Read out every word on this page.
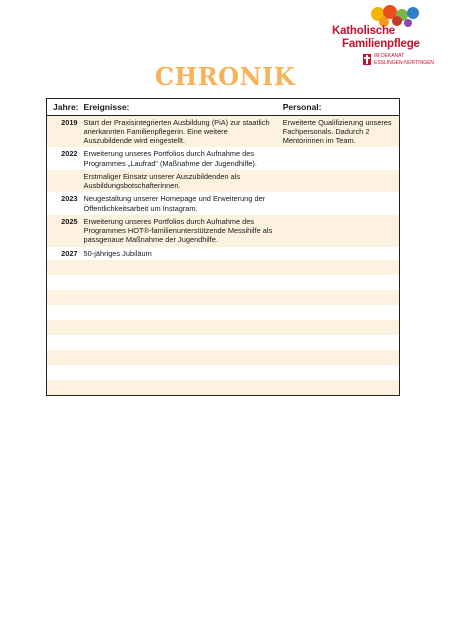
Katholische
Familienpflege
IM DEKANAT
ESSLINGEN-NÜRTINGEN
CHRONIK
Jahre:	Ereignisse:	Personal:
2019	Start der Praxisintegrierten Ausbildung (PiA) zur staatlich anerkannten Familienpflegerin. Eine weitere Auszubildende wird eingestellt.	Erweiterte Qualifizierung unseres Fachpersonals. Dadurch 2 Mentorinnen im Team.
2022	Erweiterung unseres Portfolios durch Aufnahme des Programmes „Laufrad“ (Maßnahme der Jugendhilfe).	
	Erstmaliger Einsatz unserer Auszubildenden als Ausbildungsbotschafterinnen.	
2023	Neugestaltung unserer Homepage und Erweiterung der Öffentlichkeitsarbeit um Instagram.	
2025	Erweiterung unseres Portfolios durch Aufnahme des Programmes HOT®-familienunterstützende Messihilfe als passgenaue Maßnahme der Jugendhilfe.	
2027	50-jähriges Jubiläum	
